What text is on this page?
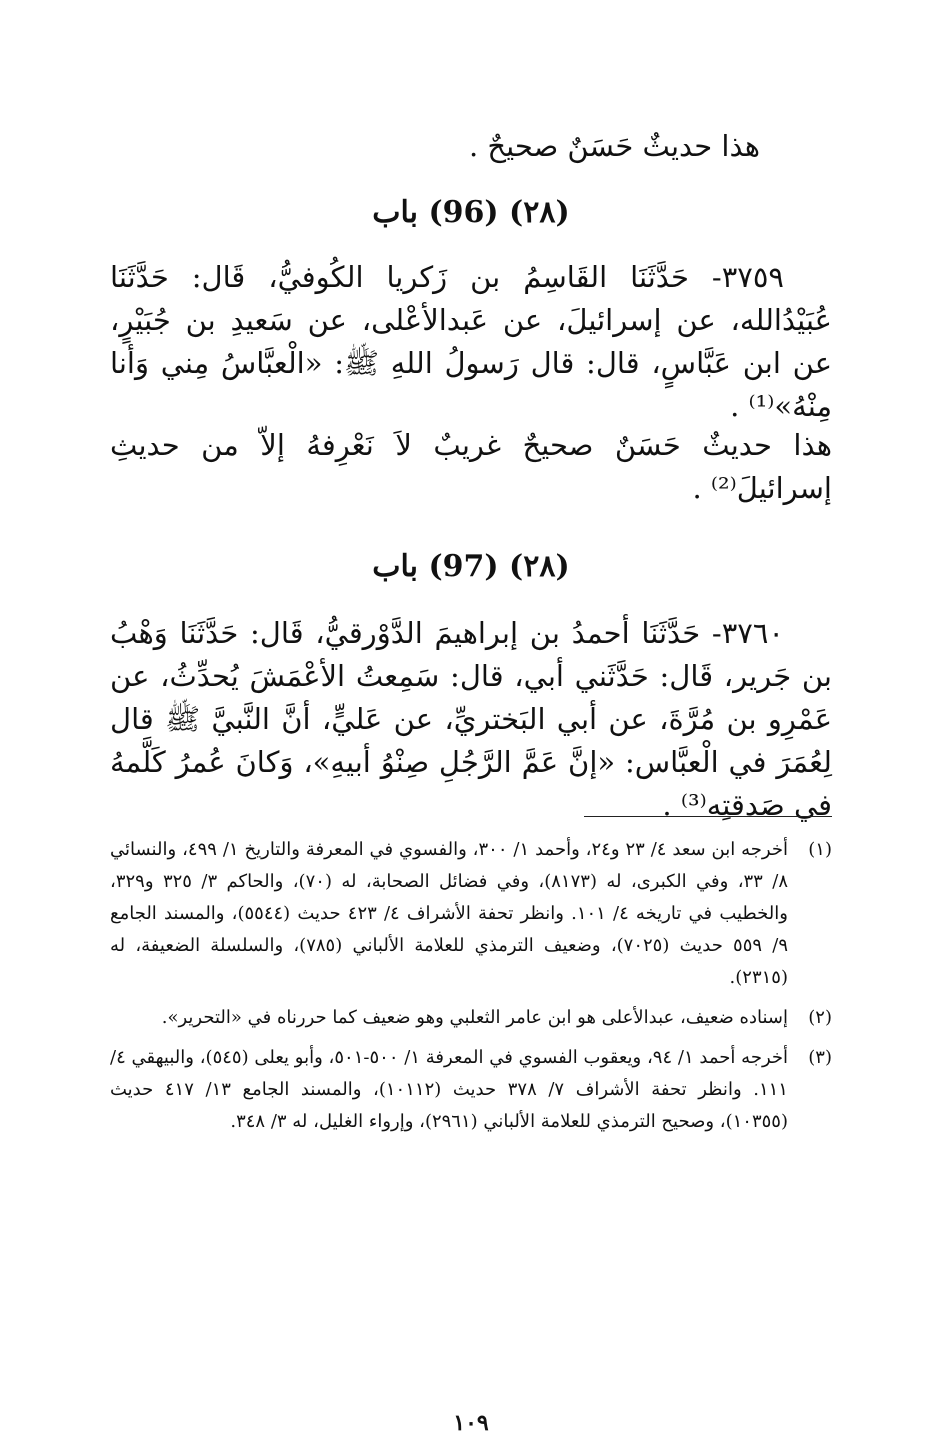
هذا حديثٌ حَسَنٌ صحيحٌ .
(٢٨) (96) باب
٣٧٥٩- حَدَّثَنَا القَاسِمُ بن زَكريا الكُوفيُّ، قَال: حَدَّثَنَا عُبَيْدُالله، عن إسرائيلَ، عن عَبدالأعْلى، عن سَعيدِ بن جُبَيْرٍ، عن ابن عَبَّاسٍ، قال: قال رَسولُ اللهِ ﷺ: «الْعبَّاسُ مِني وَأنا مِنْهُ»⁽¹⁾ .
هذا حديثٌ حَسَنٌ صحيحٌ غريبٌ لاَ نَعْرِفهُ إلاّ من حديثِ إسرائيلَ⁽²⁾ .
(٢٨) (97) باب
٣٧٦٠- حَدَّثَنَا أحمدُ بن إبراهيمَ الدَّوْرقيُّ، قَال: حَدَّثَنَا وَهْبُ بن جَرير، قَال: حَدَّثَني أبي، قال: سَمِعتُ الأعْمَشَ يُحدِّثُ، عن عَمْرِو بن مُرَّةَ، عن أبي البَختريِّ، عن عَليٍّ، أنَّ النَّبيَّ ﷺ قال لِعُمَرَ في الْعبَّاس: «إنَّ عَمَّ الرَّجُلِ صِنْوُ أبيهِ»، وَكانَ عُمرُ كَلَّمهُ في صَدقتِه⁽³⁾ .
(١)
أخرجه ابن سعد ٤/ ٢٣ و٢٤، وأحمد ١/ ٣٠٠، والفسوي في المعرفة والتاريخ ١/ ٤٩٩، والنسائي ٨/ ٣٣، وفي الكبرى، له (٨١٧٣)، وفي فضائل الصحابة، له (٧٠)، والحاكم ٣/ ٣٢٥ و٣٢٩، والخطيب في تاريخه ٤/ ١٠١. وانظر تحفة الأشراف ٤/ ٤٢٣ حديث (٥٥٤٤)، والمسند الجامع ٩/ ٥٥٩ حديث (٧٠٢٥)، وضعيف الترمذي للعلامة الألباني (٧٨٥)، والسلسلة الضعيفة، له (٢٣١٥).
(٢)
إسناده ضعيف، عبدالأعلى هو ابن عامر الثعلبي وهو ضعيف كما حررناه في «التحرير».
(٣)
أخرجه أحمد ١/ ٩٤، ويعقوب الفسوي في المعرفة ١/ ٥٠٠-٥٠١، وأبو يعلى (٥٤٥)، والبيهقي ٤/ ١١١. وانظر تحفة الأشراف ٧/ ٣٧٨ حديث (١٠١١٢)، والمسند الجامع ١٣/ ٤١٧ حديث (١٠٣٥٥)، وصحيح الترمذي للعلامة الألباني (٢٩٦١)، وإرواء الغليل، له ٣/ ٣٤٨.
١٠٩
